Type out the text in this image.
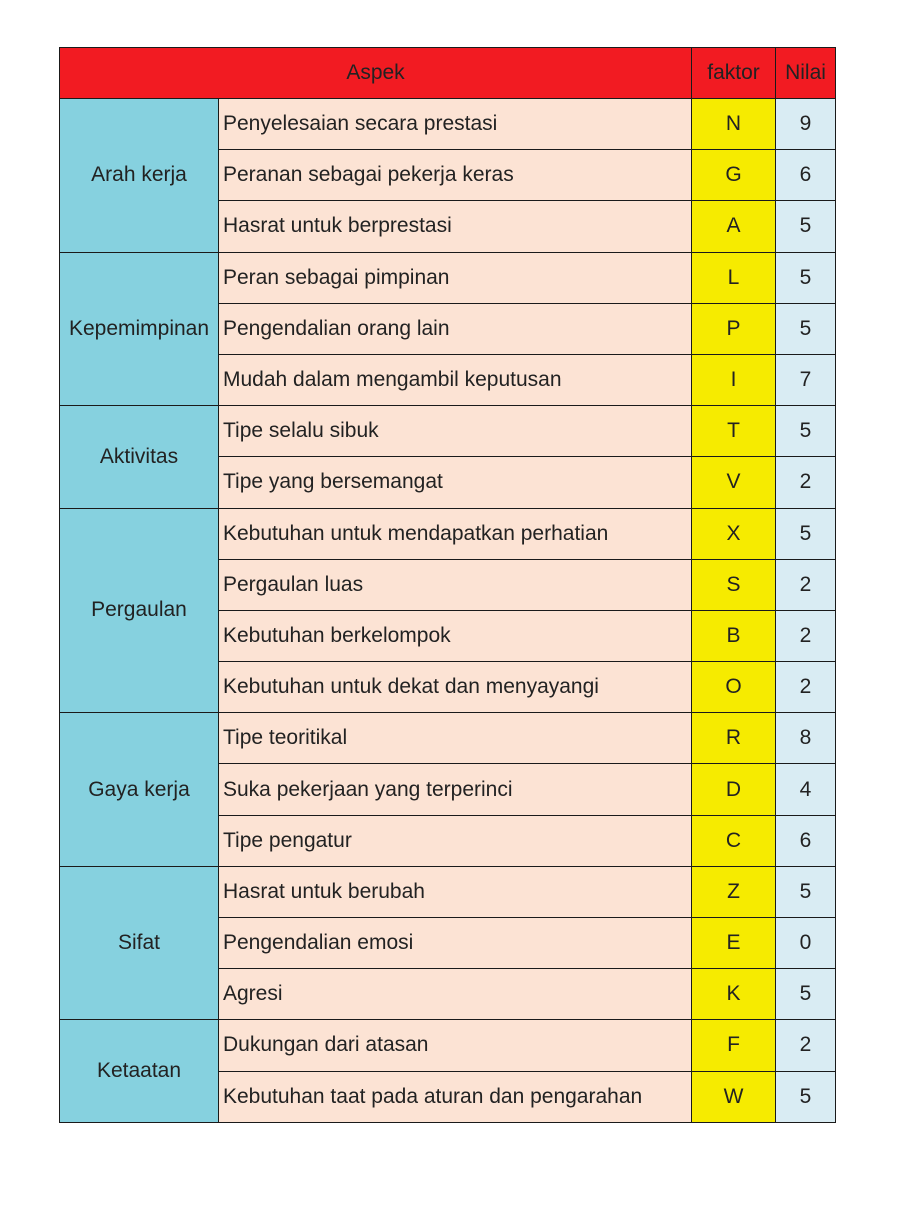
Aspek		faktor	Nilai
Arah kerja	Penyelesaian secara prestasi	N	9
	Peranan sebagai pekerja keras	G	6
	Hasrat untuk berprestasi	A	5
Kepemimpinan	Peran sebagai pimpinan	L	5
	Pengendalian orang lain	P	5
	Mudah dalam mengambil keputusan	I	7
Aktivitas	Tipe selalu sibuk	T	5
	Tipe yang bersemangat	V	2
Pergaulan	Kebutuhan untuk mendapatkan perhatian	X	5
	Pergaulan luas	S	2
	Kebutuhan berkelompok	B	2
	Kebutuhan untuk dekat dan menyayangi	O	2
Gaya kerja	Tipe teoritikal	R	8
	Suka pekerjaan yang terperinci	D	4
	Tipe pengatur	C	6
Sifat	Hasrat untuk berubah	Z	5
	Pengendalian emosi	E	0
	Agresi	K	5
Ketaatan	Dukungan dari atasan	F	2
	Kebutuhan taat pada aturan dan pengarahan	W	5
